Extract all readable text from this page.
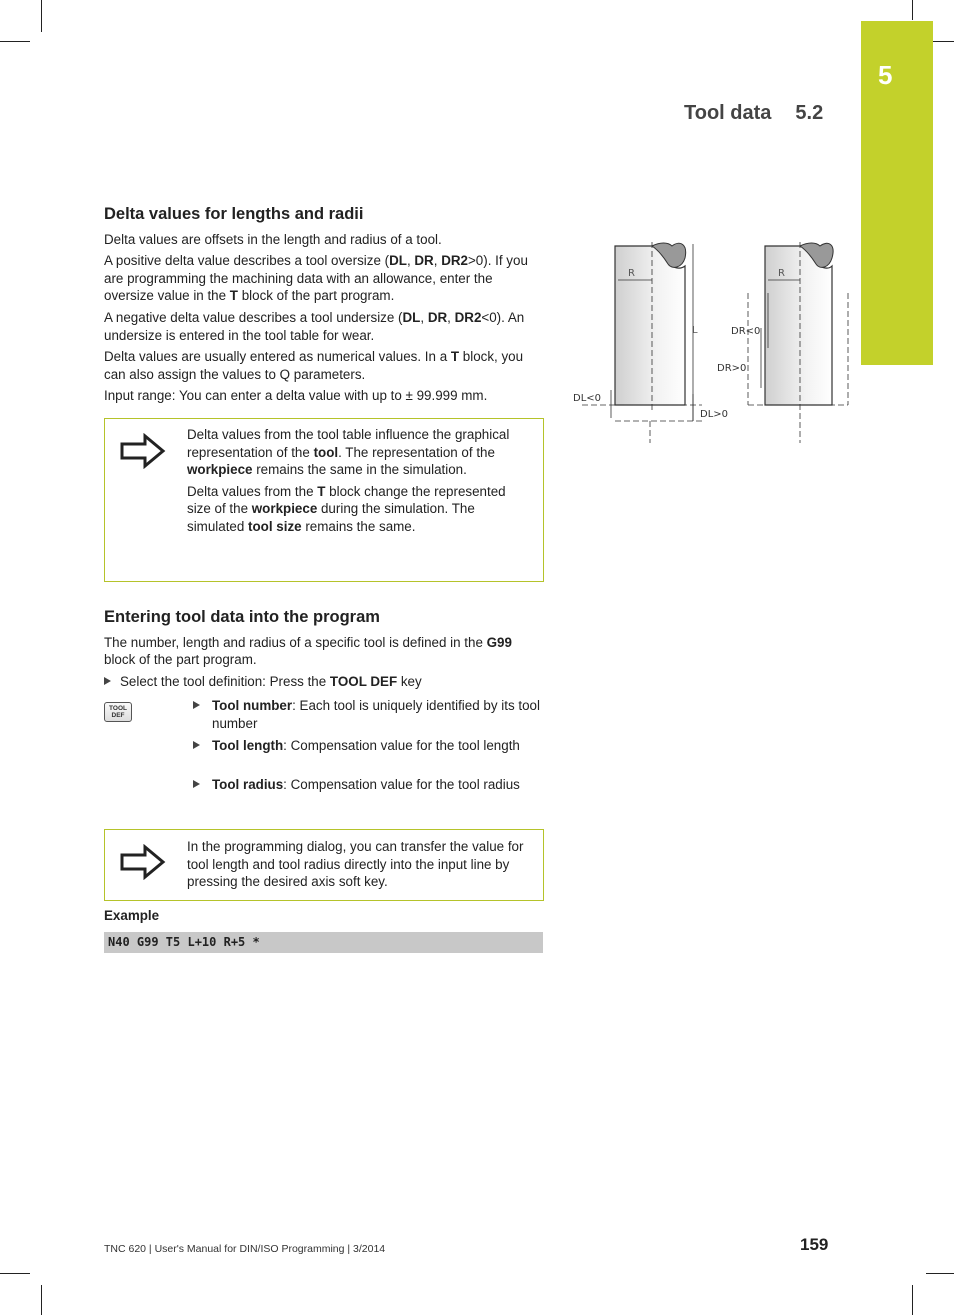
5
Tool data 5.2
Delta values for lengths and radii

Delta values are offsets in the length and radius of a tool.

A positive delta value describes a tool oversize (DL, DR, DR2>0). If you are programming the machining data with an allowance, enter the oversize value in the T block of the part program.

A negative delta value describes a tool undersize (DL, DR, DR2<0). An undersize is entered in the tool table for wear.

Delta values are usually entered as numerical values. In a T block, you can also assign the values to Q parameters.

Input range: You can enter a delta value with up to ± 99.999 mm.

Delta values from the tool table influence the graphical representation of the tool. The representation of the workpiece remains the same in the simulation.

Delta values from the T block change the represented size of the workpiece during the simulation. The simulated tool size remains the same.

Entering tool data into the program

The number, length and radius of a specific tool is defined in the G99 block of the part program.

Select the tool definition: Press the TOOL DEF key

TOOL
DEF
Tool number: Each tool is uniquely identified by its tool number
Tool length: Compensation value for the tool length
Tool radius: Compensation value for the tool radius
In the programming dialog, you can transfer the value for tool length and tool radius directly into the input line by pressing the desired axis soft key.
Example
N40 G99 T5 L+10 R+5 *
R	R
L
DL<0
DL>0
DR<0
DR>0
TNC 620 | User's Manual for DIN/ISO Programming | 3/2014	159
